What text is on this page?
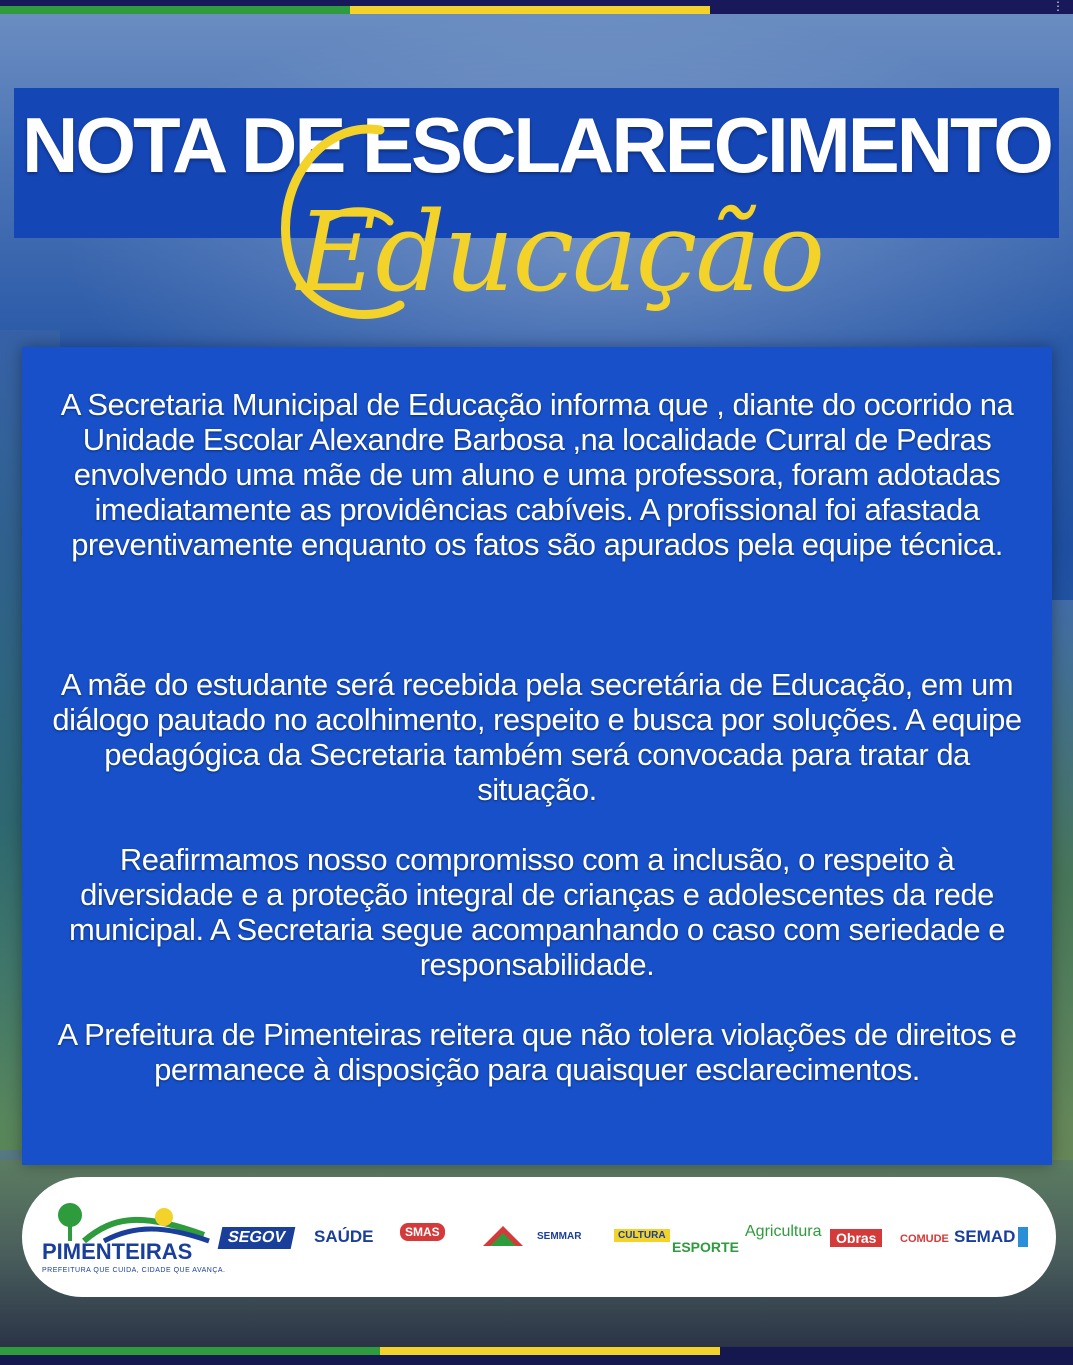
⋮
NOTA DE ESCLARECIMENTO
Educação
A Secretaria Municipal de Educação informa que , diante do ocorrido na Unidade Escolar Alexandre Barbosa ,na localidade Curral de Pedras envolvendo uma mãe de um aluno e uma professora, foram adotadas imediatamente as providências cabíveis. A profissional foi afastada preventivamente enquanto os fatos são apurados pela equipe técnica.
A mãe do estudante será recebida pela secretária de Educação, em um diálogo pautado no acolhimento, respeito e busca por soluções. A equipe pedagógica da Secretaria também será convocada para tratar da situação.
Reafirmamos nosso compromisso com a inclusão, o respeito à diversidade e a proteção integral de crianças e adolescentes da rede municipal. A Secretaria segue acompanhando o caso com seriedade e responsabilidade.
A Prefeitura de Pimenteiras reitera que não tolera violações de direitos e permanece à disposição para quaisquer esclarecimentos.
PIMENTEIRAS
PREFEITURA QUE CUIDA, CIDADE QUE AVANÇA.
SEGOV	SAÚDE	SMAS	SEMMAR	CULTURA
ESPORTE
Agricultura	Obras	COMUDE SEMAD
